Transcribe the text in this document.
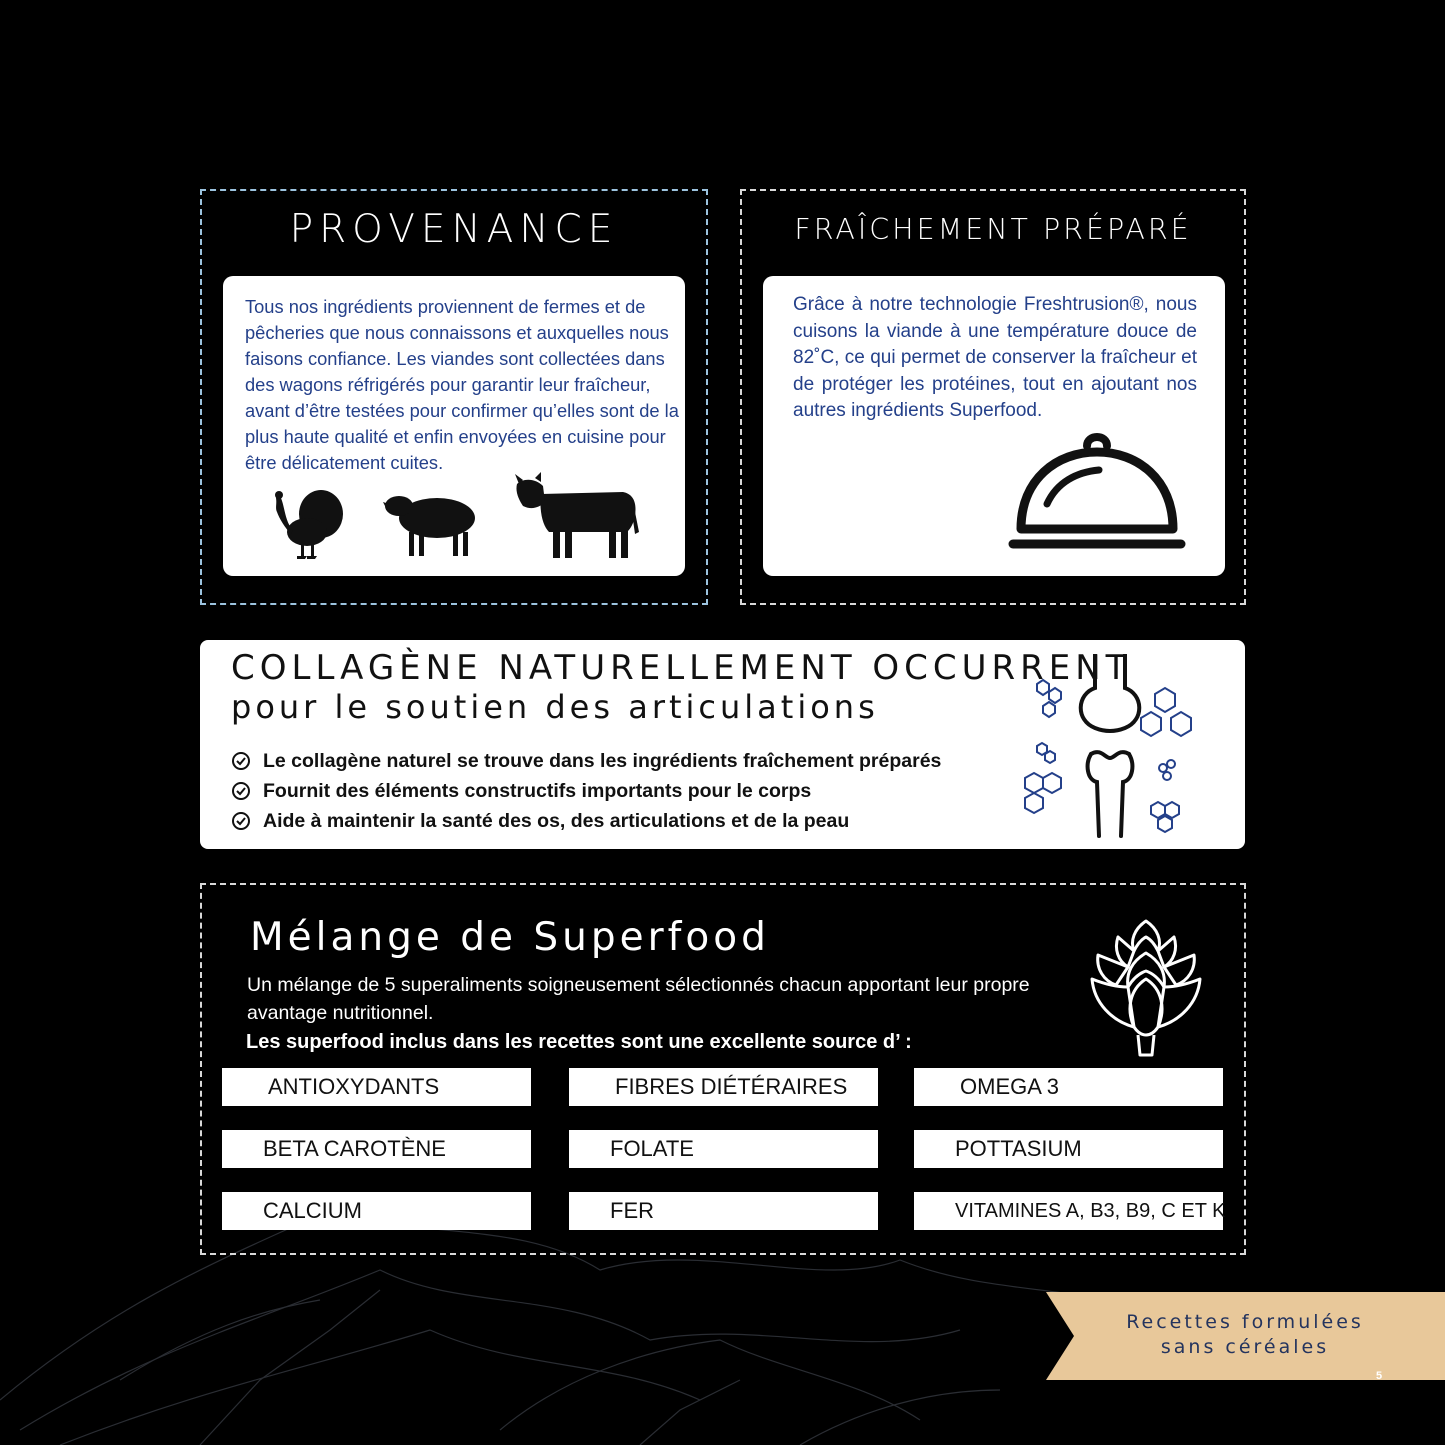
PROVENANCE
Tous nos ingrédients proviennent de fermes et de pêcheries que nous connaissons et auxquelles nous faisons confiance. Les viandes sont collectées dans des wagons réfrigérés pour garantir leur fraîcheur, avant d’être testées pour confirmer qu’elles sont de la plus haute qualité et enfin envoyées en cuisine pour être délicatement cuites.
FRAÎCHEMENT PRÉPARÉ
Grâce à notre technologie Freshtrusion®, nous cuisons la viande à une température douce de 82˚C, ce qui permet de conserver la fraîcheur et de protéger les protéines, tout en ajoutant nos autres ingrédients Superfood.
COLLAGÈNE NATURELLEMENT OCCURRENT
pour le soutien des articulations
Le collagène naturel se trouve dans les ingrédients fraîchement préparés
Fournit des éléments constructifs importants pour le corps
Aide à maintenir la santé des os, des articulations et de la peau
Mélange de Superfood
Un mélange de 5 superaliments soigneusement sélectionnés chacun apportant leur propre avantage nutritionnel.
Les superfood inclus dans les recettes sont une excellente source d’ :
ANTIOXYDANTS	FIBRES DIÉTÉRAIRES	OMEGA 3
BETA CAROTÈNE	FOLATE	POTTASIUM
CALCIUM	FER	VITAMINES A, B3, B9, C ET K
Recettes formulées
sans céréales
5
